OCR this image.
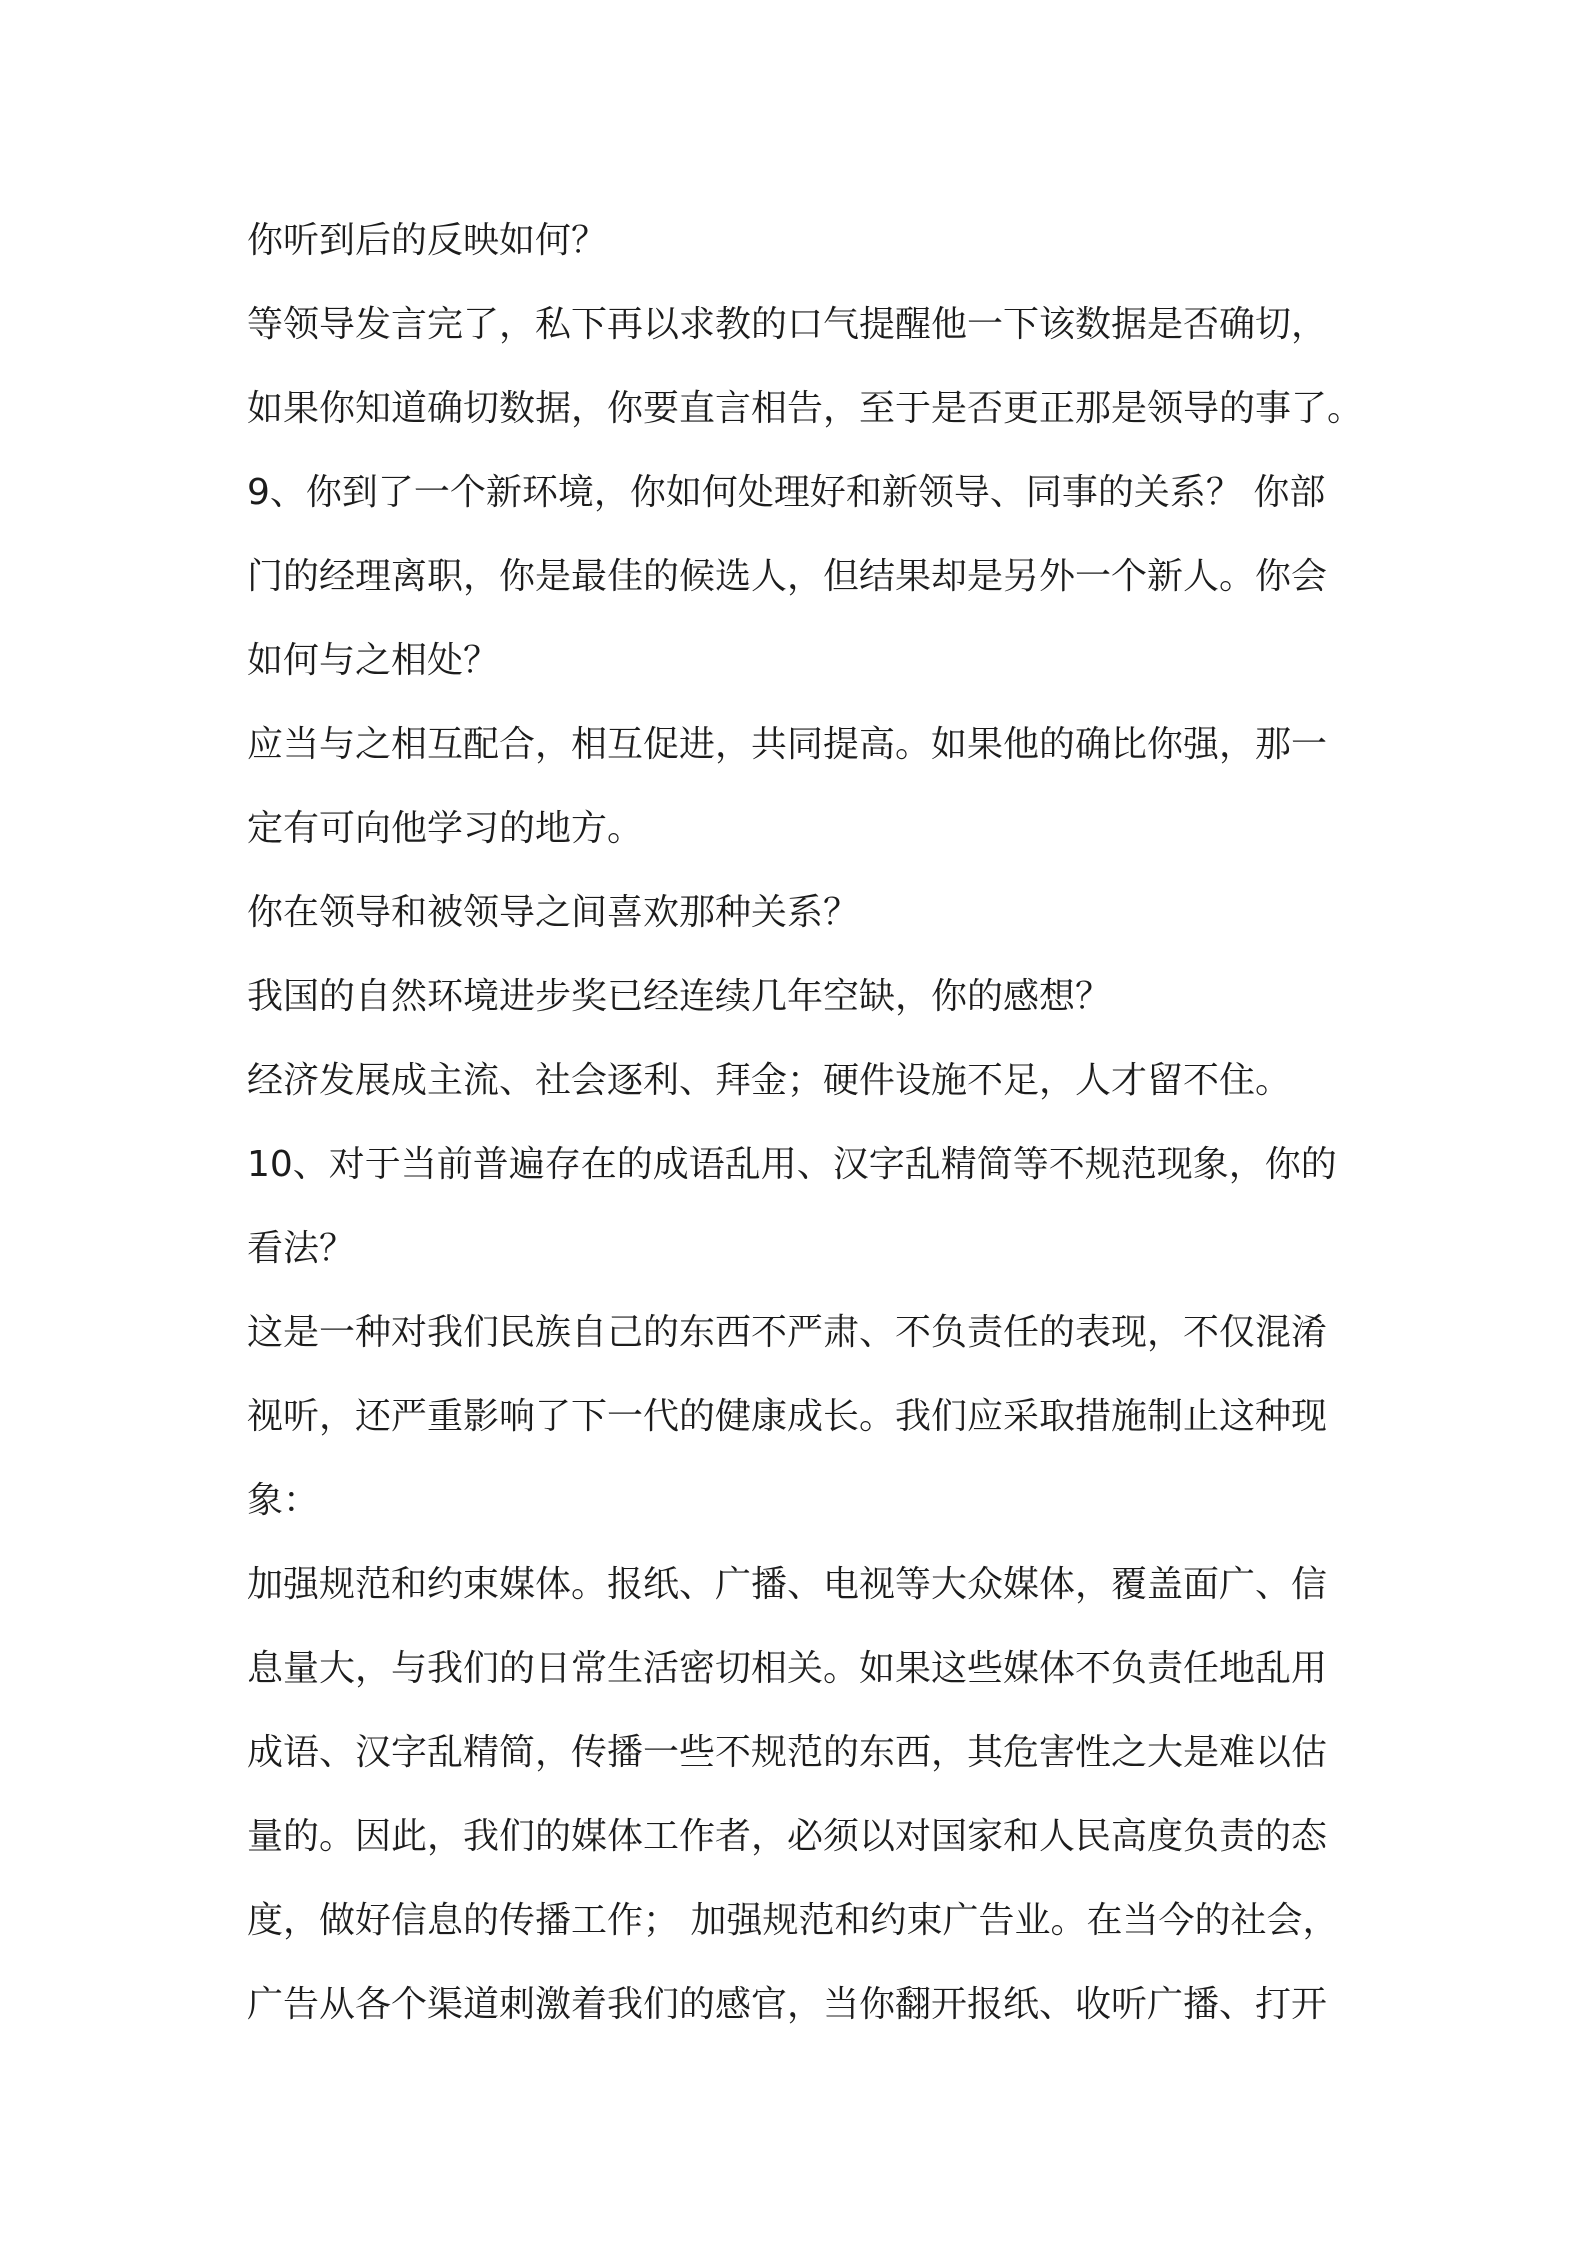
你听到后的反映如何？
等领导发言完了，私下再以求教的口气提醒他一下该数据是否确切，
如果你知道确切数据，你要直言相告，至于是否更正那是领导的事了。
9、你到了一个新环境，你如何处理好和新领导、同事的关系？ 你部
门的经理离职，你是最佳的候选人，但结果却是另外一个新人。你会
如何与之相处？
应当与之相互配合，相互促进，共同提高。如果他的确比你强，那一
定有可向他学习的地方。
你在领导和被领导之间喜欢那种关系？
我国的自然环境进步奖已经连续几年空缺，你的感想？
经济发展成主流、社会逐利、拜金；硬件设施不足，人才留不住。
10、对于当前普遍存在的成语乱用、汉字乱精简等不规范现象，你的
看法？
这是一种对我们民族自己的东西不严肃、不负责任的表现，不仅混淆
视听，还严重影响了下一代的健康成长。我们应采取措施制止这种现
象：
加强规范和约束媒体。报纸、广播、电视等大众媒体，覆盖面广、信
息量大，与我们的日常生活密切相关。如果这些媒体不负责任地乱用
成语、汉字乱精简，传播一些不规范的东西，其危害性之大是难以估
量的。因此，我们的媒体工作者，必须以对国家和人民高度负责的态
度，做好信息的传播工作； 加强规范和约束广告业。在当今的社会，
广告从各个渠道刺激着我们的感官，当你翻开报纸、收听广播、打开
